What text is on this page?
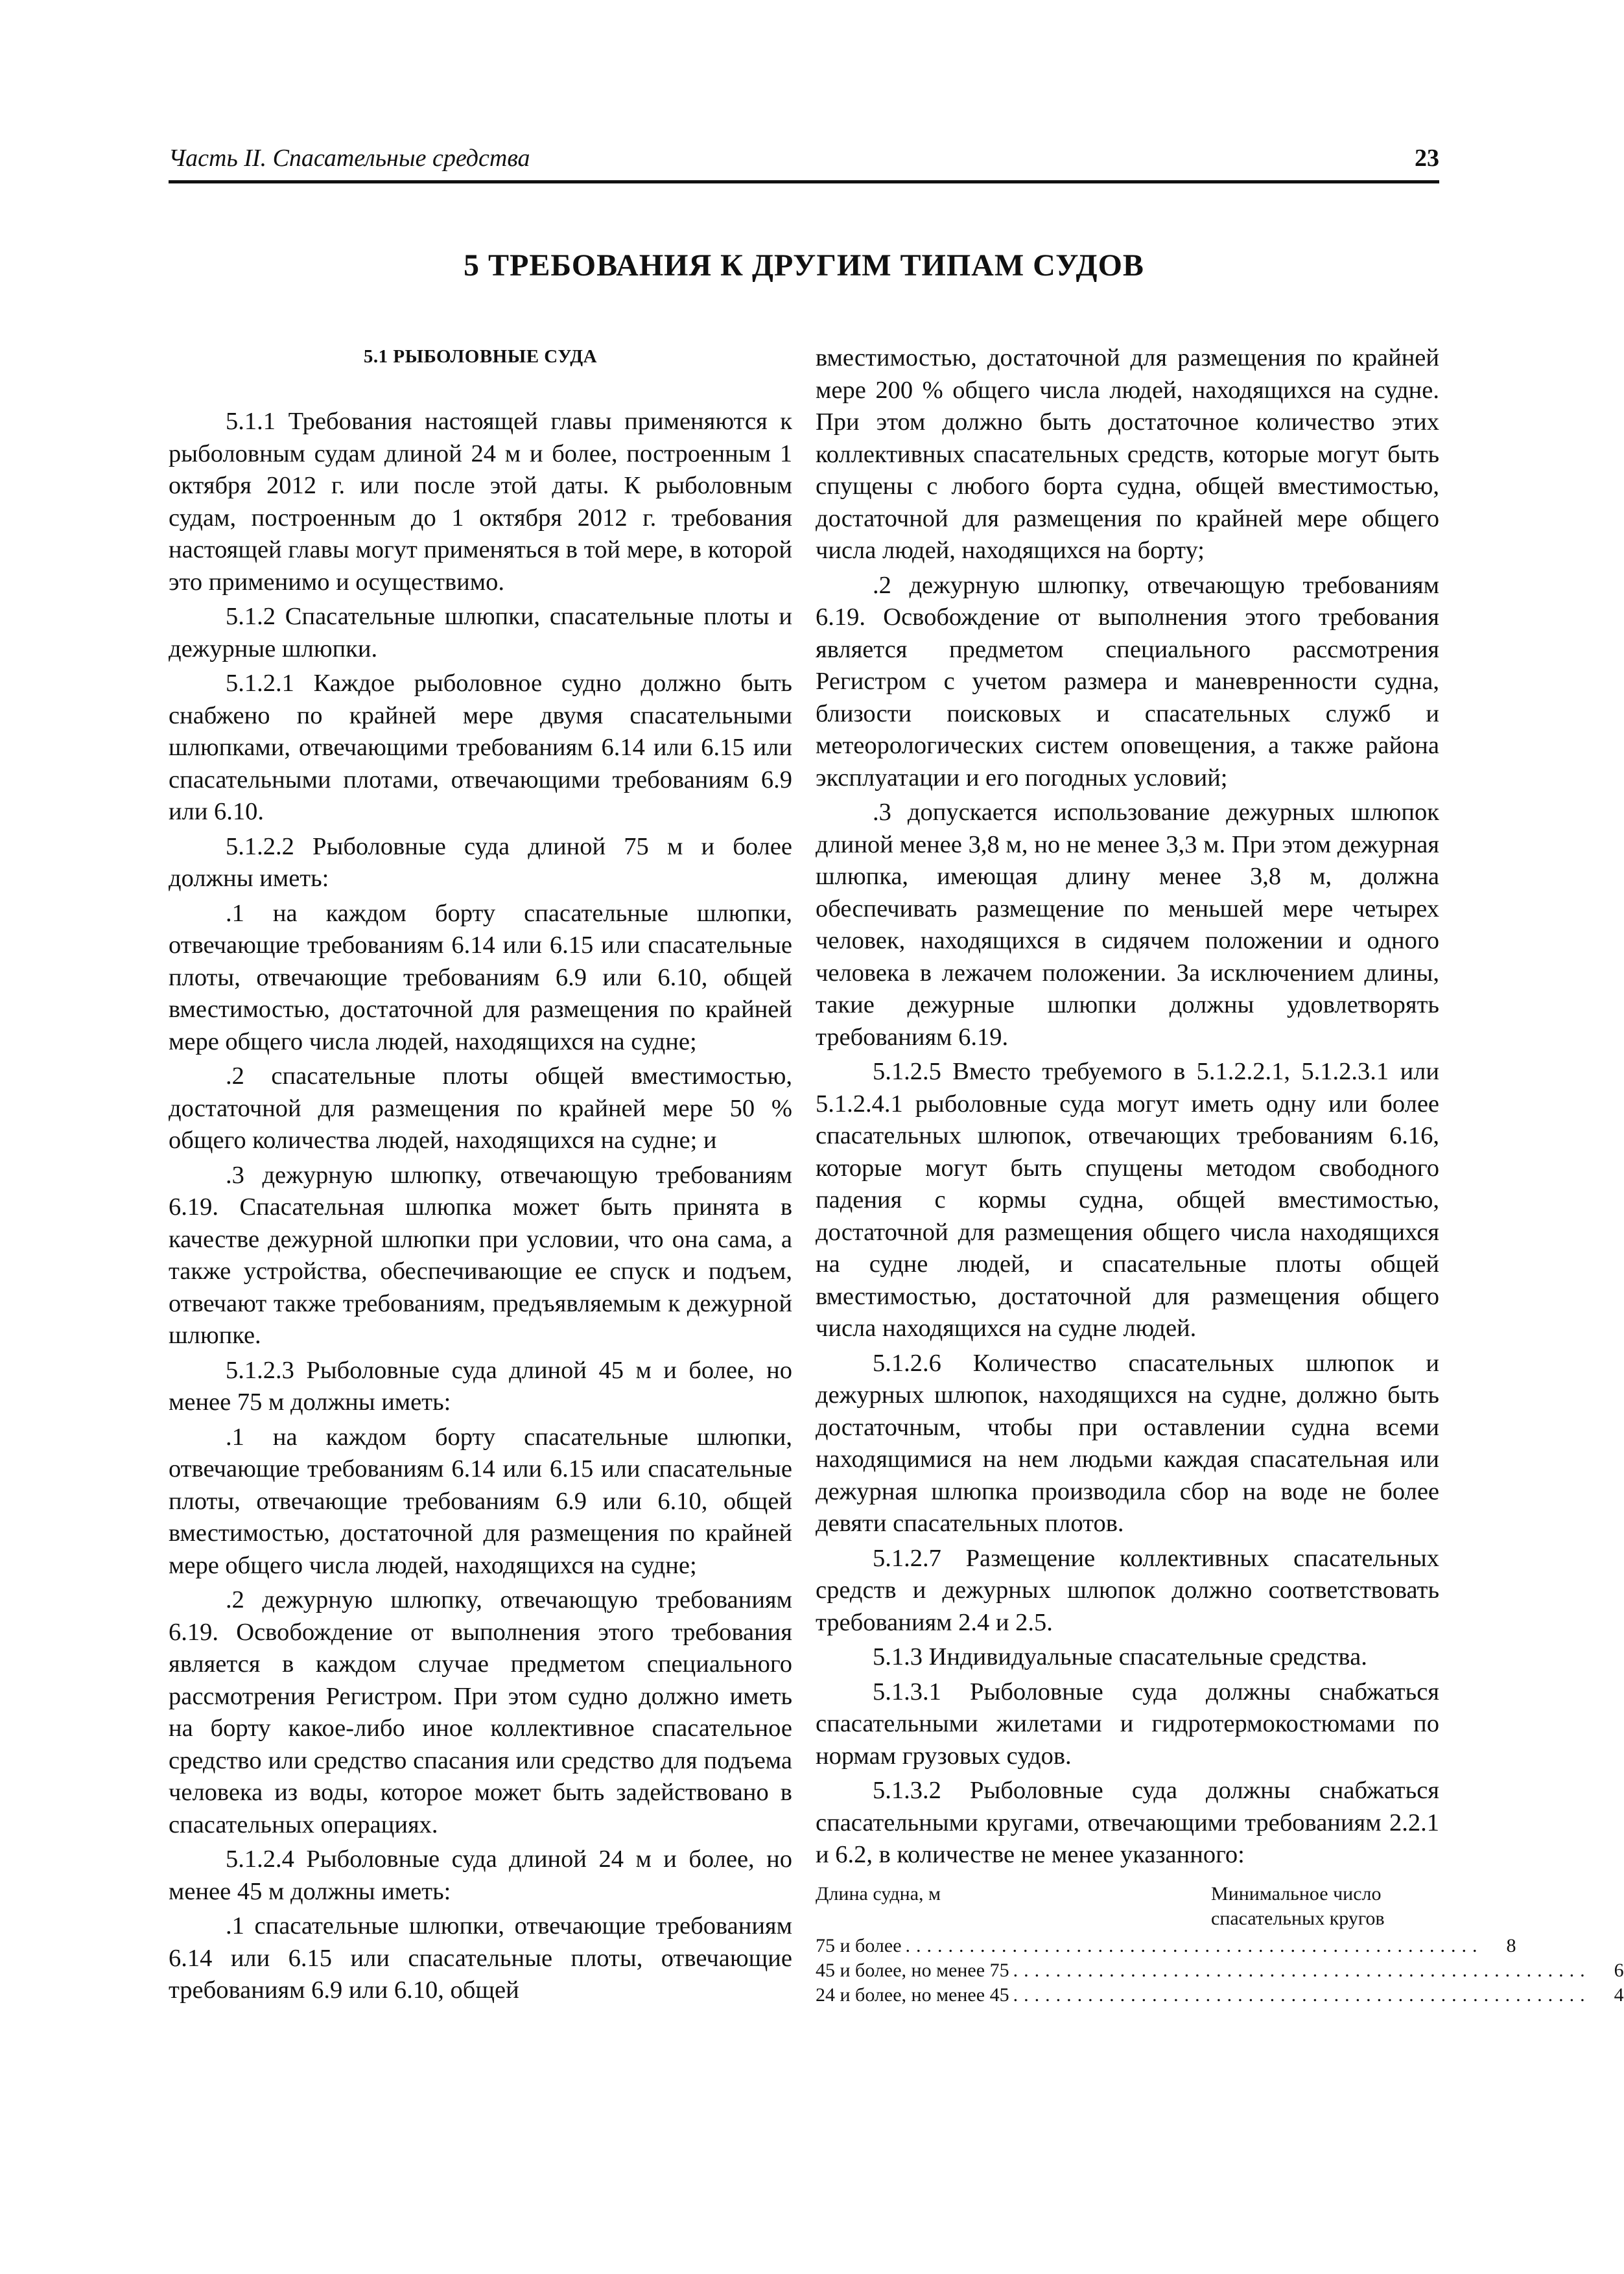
Часть II. Спасательные средства	23
5 ТРЕБОВАНИЯ К ДРУГИМ ТИПАМ СУДОВ
5.1 РЫБОЛОВНЫЕ СУДА

5.1.1 Требования настоящей главы применяются к рыболовным судам длиной 24 м и более, построенным 1 октября 2012 г. или после этой даты. К рыболовным судам, построенным до 1 октября 2012 г. требования настоящей главы могут применяться в той мере, в которой это применимо и осуществимо.

5.1.2 Спасательные шлюпки, спасательные плоты и дежурные шлюпки.

5.1.2.1 Каждое рыболовное судно должно быть снабжено по крайней мере двумя спасательными шлюпками, отвечающими требованиям 6.14 или 6.15 или спасательными плотами, отвечающими требованиям 6.9 или 6.10.

5.1.2.2 Рыболовные суда длиной 75 м и более должны иметь:

.1 на каждом борту спасательные шлюпки, отвечающие требованиям 6.14 или 6.15 или спасательные плоты, отвечающие требованиям 6.9 или 6.10, общей вместимостью, достаточной для размещения по крайней мере общего числа людей, находящихся на судне;

.2 спасательные плоты общей вместимостью, достаточной для размещения по крайней мере 50 % общего количества людей, находящихся на судне; и

.3 дежурную шлюпку, отвечающую требованиям 6.19. Спасательная шлюпка может быть принята в качестве дежурной шлюпки при условии, что она сама, а также устройства, обеспечивающие ее спуск и подъем, отвечают также требованиям, предъявляемым к дежурной шлюпке.

5.1.2.3 Рыболовные суда длиной 45 м и более, но менее 75 м должны иметь:

.1 на каждом борту спасательные шлюпки, отвечающие требованиям 6.14 или 6.15 или спасательные плоты, отвечающие требованиям 6.9 или 6.10, общей вместимостью, достаточной для размещения по крайней мере общего числа людей, находящихся на судне;

.2 дежурную шлюпку, отвечающую требованиям 6.19. Освобождение от выполнения этого требования является в каждом случае предметом специального рассмотрения Регистром. При этом судно должно иметь на борту какое-либо иное коллективное спасательное средство или средство спасания или средство для подъема человека из воды, которое может быть задействовано в спасательных операциях.

5.1.2.4 Рыболовные суда длиной 24 м и более, но менее 45 м должны иметь:

.1 спасательные шлюпки, отвечающие требованиям 6.14 или 6.15 или спасательные плоты, отвечающие требованиям 6.9 или 6.10, общей

вместимостью, достаточной для размещения по крайней мере 200 % общего числа людей, находящихся на судне. При этом должно быть достаточное количество этих коллективных спасательных средств, которые могут быть спущены с любого борта судна, общей вместимостью, достаточной для размещения по крайней мере общего числа людей, находящихся на борту;

.2 дежурную шлюпку, отвечающую требованиям 6.19. Освобождение от выполнения этого требования является предметом специального рассмотрения Регистром с учетом размера и маневренности судна, близости поисковых и спасательных служб и метеорологических систем оповещения, а также района эксплуатации и его погодных условий;

.3 допускается использование дежурных шлюпок длиной менее 3,8 м, но не менее 3,3 м. При этом дежурная шлюпка, имеющая длину менее 3,8 м, должна обеспечивать размещение по меньшей мере четырех человек, находящихся в сидячем положении и одного человека в лежачем положении. За исключением длины, такие дежурные шлюпки должны удовлетворять требованиям 6.19.

5.1.2.5 Вместо требуемого в 5.1.2.2.1, 5.1.2.3.1 или 5.1.2.4.1 рыболовные суда могут иметь одну или более спасательных шлюпок, отвечающих требованиям 6.16, которые могут быть спущены методом свободного падения с кормы судна, общей вместимостью, достаточной для размещения общего числа находящихся на судне людей, и спасательные плоты общей вместимостью, достаточной для размещения общего числа находящихся на судне людей.

5.1.2.6 Количество спасательных шлюпок и дежурных шлюпок, находящихся на судне, должно быть достаточным, чтобы при оставлении судна всеми находящимися на нем людьми каждая спасательная или дежурная шлюпка производила сбор на воде не более девяти спасательных плотов.

5.1.2.7 Размещение коллективных спасательных средств и дежурных шлюпок должно соответствовать требованиям 2.4 и 2.5.

5.1.3 Индивидуальные спасательные средства.

5.1.3.1 Рыболовные суда должны снабжаться спасательными жилетами и гидротермокостюмами по нормам грузовых судов.

5.1.3.2 Рыболовные суда должны снабжаться спасательными кругами, отвечающими требованиям 2.2.1 и 6.2, в количестве не менее указанного:

Длина судна, м	Минимальное число спасательных кругов
75 и более ......................................................	8
45 и более, но менее 75 ......................................................	6
24 и более, но менее 45 ......................................................	4
